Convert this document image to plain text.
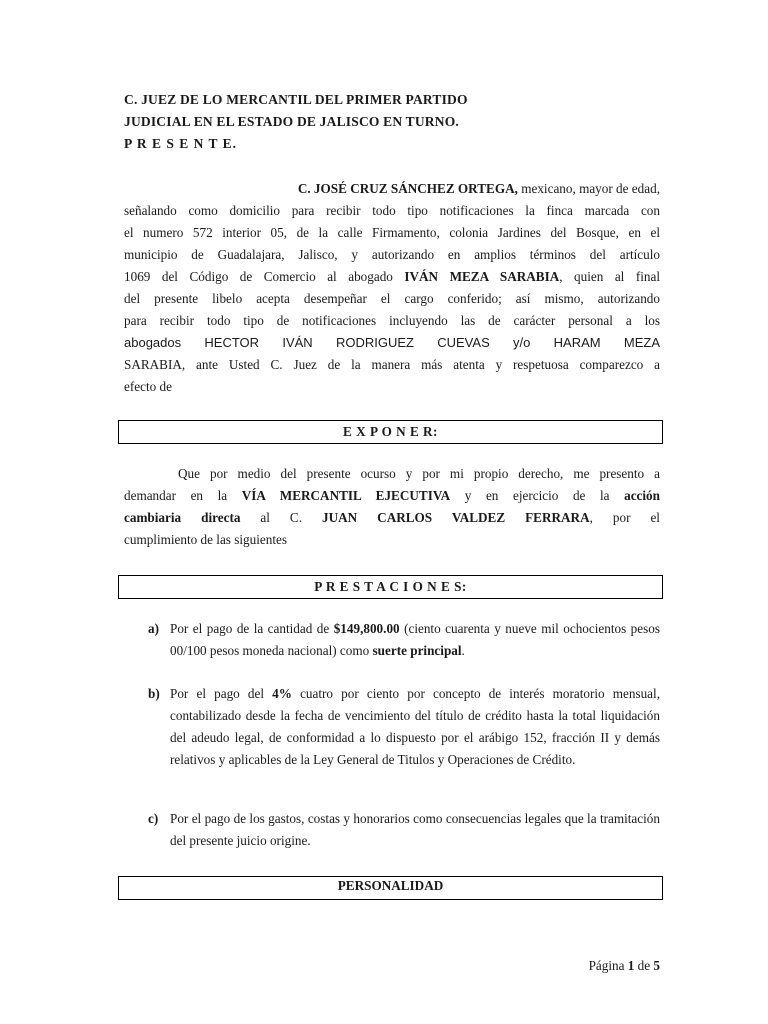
C. JUEZ DE LO MERCANTIL DEL PRIMER PARTIDO
JUDICIAL EN EL ESTADO DE JALISCO EN TURNO.
P R E S E N T E.
C. JOSÉ CRUZ SÁNCHEZ ORTEGA, mexicano, mayor de edad,
señalando como domicilio para recibir todo tipo notificaciones la finca marcada con
el numero 572 interior 05, de la calle Firmamento, colonia Jardines del Bosque, en el
municipio de Guadalajara, Jalisco, y autorizando en amplios términos del artículo
1069 del Código de Comercio al abogado IVÁN MEZA SARABIA, quien al final
del presente libelo acepta desempeñar el cargo conferido; así mismo, autorizando
para recibir todo tipo de notificaciones incluyendo las de carácter personal a los
abogados HECTOR IVÁN RODRIGUEZ CUEVAS y/o HARAM MEZA
SARABIA, ante Usted C. Juez de la manera más atenta y respetuosa comparezco a
efecto de
E X P O N E R:
Que por medio del presente ocurso y por mi propio derecho, me presento a
demandar en la VÍA MERCANTIL EJECUTIVA y en ejercicio de la acción
cambiaria directa al C. JUAN CARLOS VALDEZ FERRARA, por el
cumplimiento de las siguientes
P R E S T A C I O N E S:
a) Por el pago de la cantidad de $149,800.00 (ciento cuarenta y nueve mil ochocientos pesos 00/100 pesos moneda nacional) como suerte principal.
b) Por el pago del 4% cuatro por ciento por concepto de interés moratorio mensual, contabilizado desde la fecha de vencimiento del título de crédito hasta la total liquidación del adeudo legal, de conformidad a lo dispuesto por el arábigo 152, fracción II y demás relativos y aplicables de la Ley General de Titulos y Operaciones de Crédito.
c) Por el pago de los gastos, costas y honorarios como consecuencias legales que la tramitación del presente juicio origine.
PERSONALIDAD
Página 1 de 5
